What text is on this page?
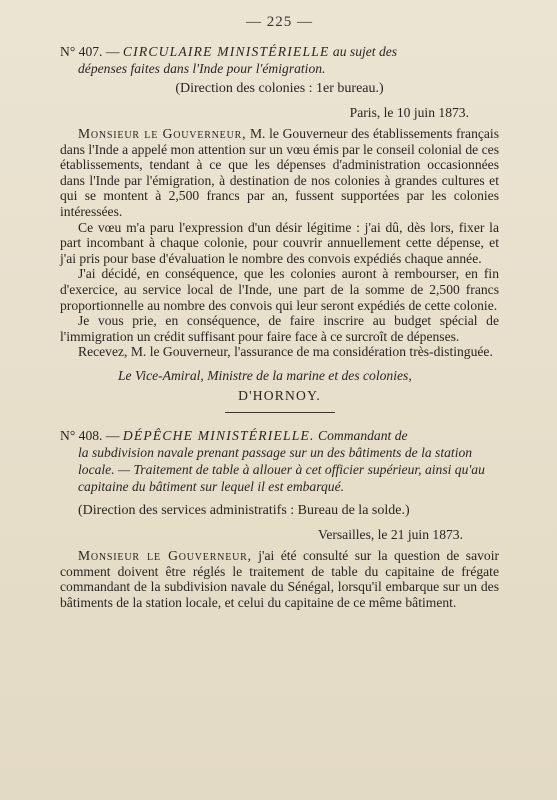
— 225 —

N° 407. — CIRCULAIRE MINISTÉRIELLE au sujet des

dépenses faites dans l'Inde pour l'émigration.

(Direction des colonies : 1er bureau.)

Paris, le 10 juin 1873.

Monsieur le Gouverneur, M. le Gouverneur des établissements français dans l'Inde a appelé mon attention sur un vœu émis par le conseil colonial de ces établissements, tendant à ce que les dépenses d'administration occasionnées dans l'Inde par l'émigration, à destination de nos colonies à grandes cultures et qui se montent à 2,500 francs par an, fussent supportées par les colonies intéressées.

Ce vœu m'a paru l'expression d'un désir légitime : j'ai dû, dès lors, fixer la part incombant à chaque colonie, pour couvrir annuellement cette dépense, et j'ai pris pour base d'évaluation le nombre des convois expédiés chaque année.

J'ai décidé, en conséquence, que les colonies auront à rembourser, en fin d'exercice, au service local de l'Inde, une part de la somme de 2,500 francs proportionnelle au nombre des convois qui leur seront expédiés de cette colonie.

Je vous prie, en conséquence, de faire inscrire au budget spécial de l'immigration un crédit suffisant pour faire face à ce surcroît de dépenses.

Recevez, M. le Gouverneur, l'assurance de ma considération très-distinguée.

Le Vice-Amiral, Ministre de la marine et des colonies,

D'HORNOY.

N° 408. — DÉPÊCHE MINISTÉRIELLE. Commandant de

la subdivision navale prenant passage sur un des bâtiments de la station locale. — Traitement de table à allouer à cet officier supérieur, ainsi qu'au capitaine du bâtiment sur lequel il est embarqué.

(Direction des services administratifs : Bureau de la solde.)

Versailles, le 21 juin 1873.

Monsieur le Gouverneur, j'ai été consulté sur la question de savoir comment doivent être réglés le traitement de table du capitaine de frégate commandant de la subdivision navale du Sénégal, lorsqu'il embarque sur un des bâtiments de la station locale, et celui du capitaine de ce même bâtiment.
